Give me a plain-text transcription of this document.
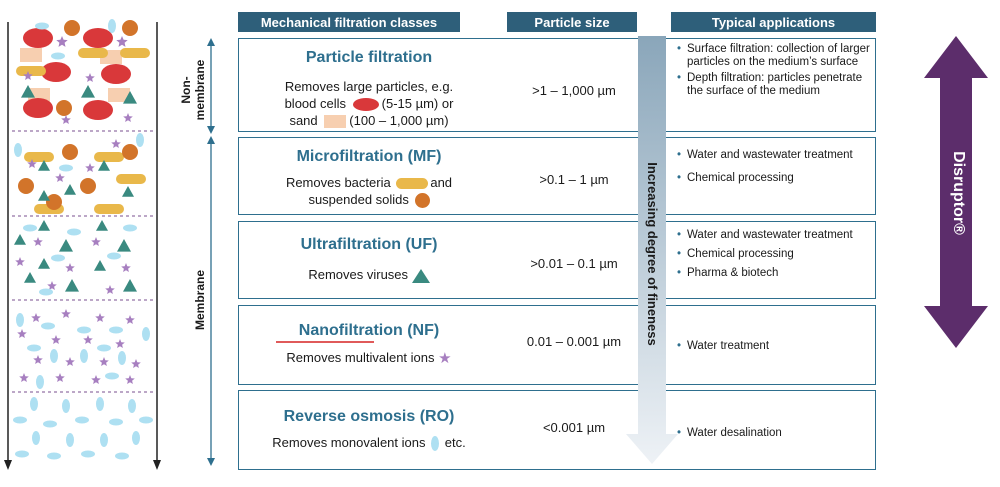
Non-
membrane
Membrane
Mechanical filtration classes	Particle size	Typical applications
Particle filtration
Removes large particles, e.g.
blood cells	(5-15 µm) or
sand (100 – 1,000 µm)
>1 – 1,000 µm
• Surface filtration: collection of larger particles on the medium’s surface
• Depth filtration: particles penetrate the surface of the medium
Microfiltration (MF)
Removes bacteria	and
suspended solids
>0.1 – 1 µm
• Water and wastewater treatment
• Chemical processing
Ultrafiltration (UF)
Removes viruses
>0.01 – 0.1 µm
• Water and wastewater treatment
• Chemical processing
• Pharma & biotech
Nanofiltration (NF)
Removes multivalent ions ★
0.01 – 0.001 µm	• Water treatment
Reverse osmosis (RO)
Removes monovalent ions etc.
<0.001 µm	• Water desalination
Increasing degree of fineness	Disruptor®
